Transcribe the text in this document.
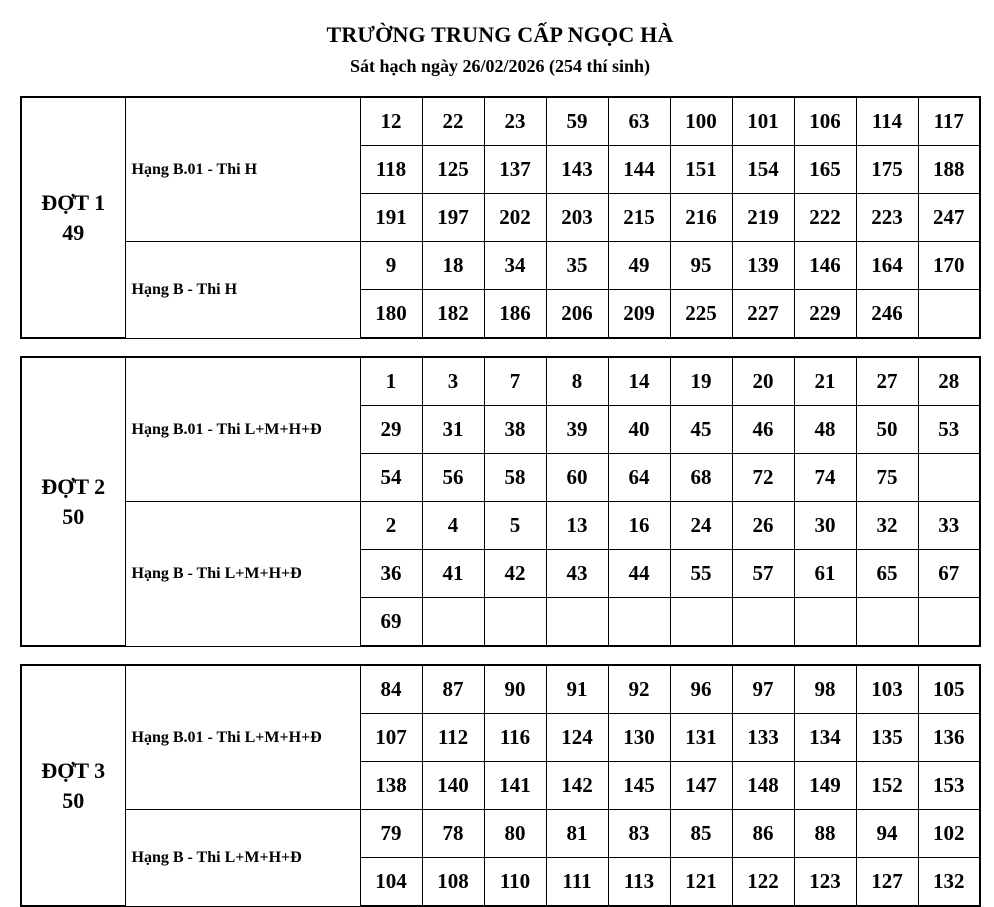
TRƯỜNG TRUNG CẤP NGỌC HÀ
Sát hạch ngày 26/02/2026 (254 thí sinh)
ĐỢT 1
49	Hạng B.01 - Thi H	12	22	23	59	63	100	101	106	114	117
		118	125	137	143	144	151	154	165	175	188
		191	197	202	203	215	216	219	222	223	247
	Hạng B - Thi H	9	18	34	35	49	95	139	146	164	170
		180	182	186	206	209	225	227	229	246	
ĐỢT 2
50	Hạng B.01 - Thi L+M+H+Đ	1	3	7	8	14	19	20	21	27	28
		29	31	38	39	40	45	46	48	50	53
		54	56	58	60	64	68	72	74	75	
	Hạng B - Thi L+M+H+Đ	2	4	5	13	16	24	26	30	32	33
		36	41	42	43	44	55	57	61	65	67
		69									
ĐỢT 3
50	Hạng B.01 - Thi L+M+H+Đ	84	87	90	91	92	96	97	98	103	105
		107	112	116	124	130	131	133	134	135	136
		138	140	141	142	145	147	148	149	152	153
	Hạng B - Thi L+M+H+Đ	79	78	80	81	83	85	86	88	94	102
		104	108	110	111	113	121	122	123	127	132
